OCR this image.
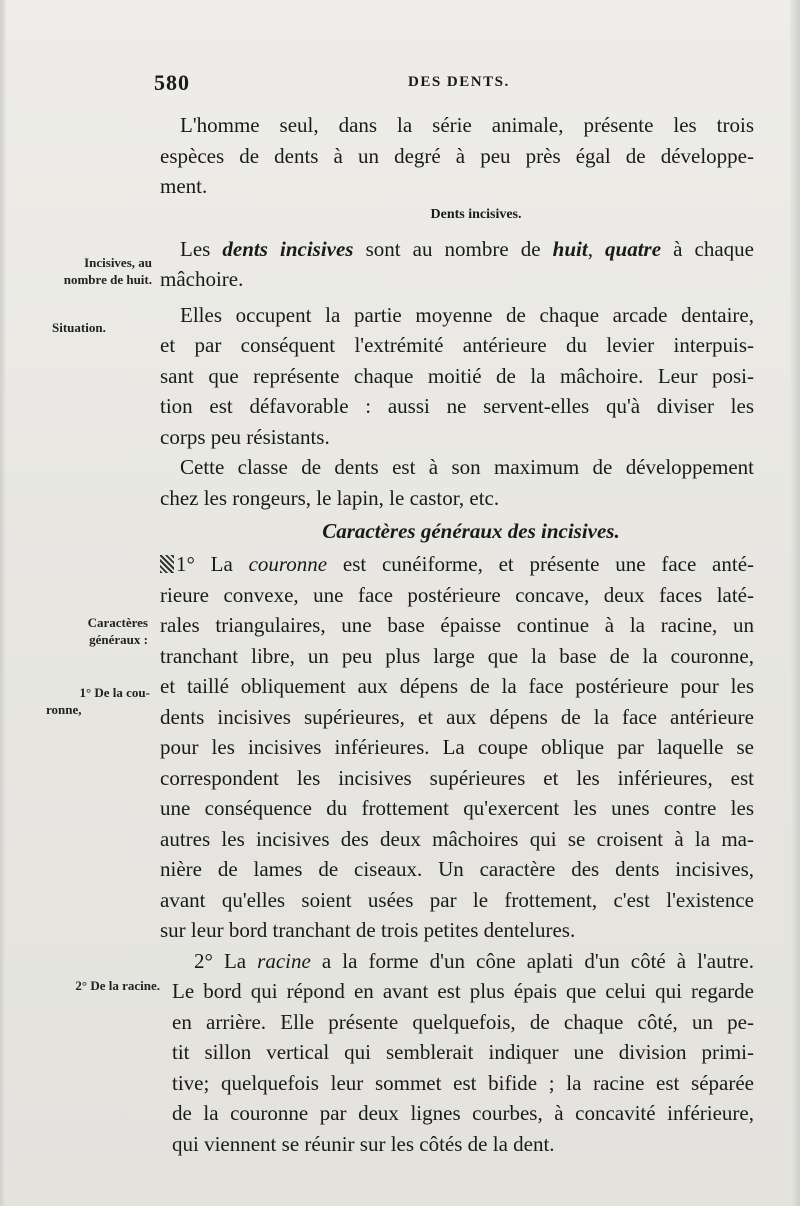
580	DES DENTS.
Incisives, au
nombre de huit.
Situation.
Caractères
généraux :
1° De la cou-
ronne,
2° De la racine.
L'homme seul, dans la série animale, présente les trois
espèces de dents à un degré à peu près égal de développe-
ment.
Dents incisives.
Les dents incisives sont au nombre de huit, quatre à chaque
mâchoire.
Elles occupent la partie moyenne de chaque arcade dentaire,
et par conséquent l'extrémité antérieure du levier interpuis-
sant que représente chaque moitié de la mâchoire. Leur posi-
tion est défavorable : aussi ne servent-elles qu'à diviser les
corps peu résistants.
Cette classe de dents est à son maximum de développement
chez les rongeurs, le lapin, le castor, etc.
Caractères généraux des incisives.
1° La couronne est cunéiforme, et présente une face anté-
rieure convexe, une face postérieure concave, deux faces laté-
rales triangulaires, une base épaisse continue à la racine, un
tranchant libre, un peu plus large que la base de la couronne,
et taillé obliquement aux dépens de la face postérieure pour les
dents incisives supérieures, et aux dépens de la face antérieure
pour les incisives inférieures. La coupe oblique par laquelle se
correspondent les incisives supérieures et les inférieures, est
une conséquence du frottement qu'exercent les unes contre les
autres les incisives des deux mâchoires qui se croisent à la ma-
nière de lames de ciseaux. Un caractère des dents incisives,
avant qu'elles soient usées par le frottement, c'est l'existence
sur leur bord tranchant de trois petites dentelures.
2° La racine a la forme d'un cône aplati d'un côté à l'autre.
Le bord qui répond en avant est plus épais que celui qui regarde
en arrière. Elle présente quelquefois, de chaque côté, un pe-
tit sillon vertical qui semblerait indiquer une division primi-
tive; quelquefois leur sommet est bifide ; la racine est séparée
de la couronne par deux lignes courbes, à concavité inférieure,
qui viennent se réunir sur les côtés de la dent.
